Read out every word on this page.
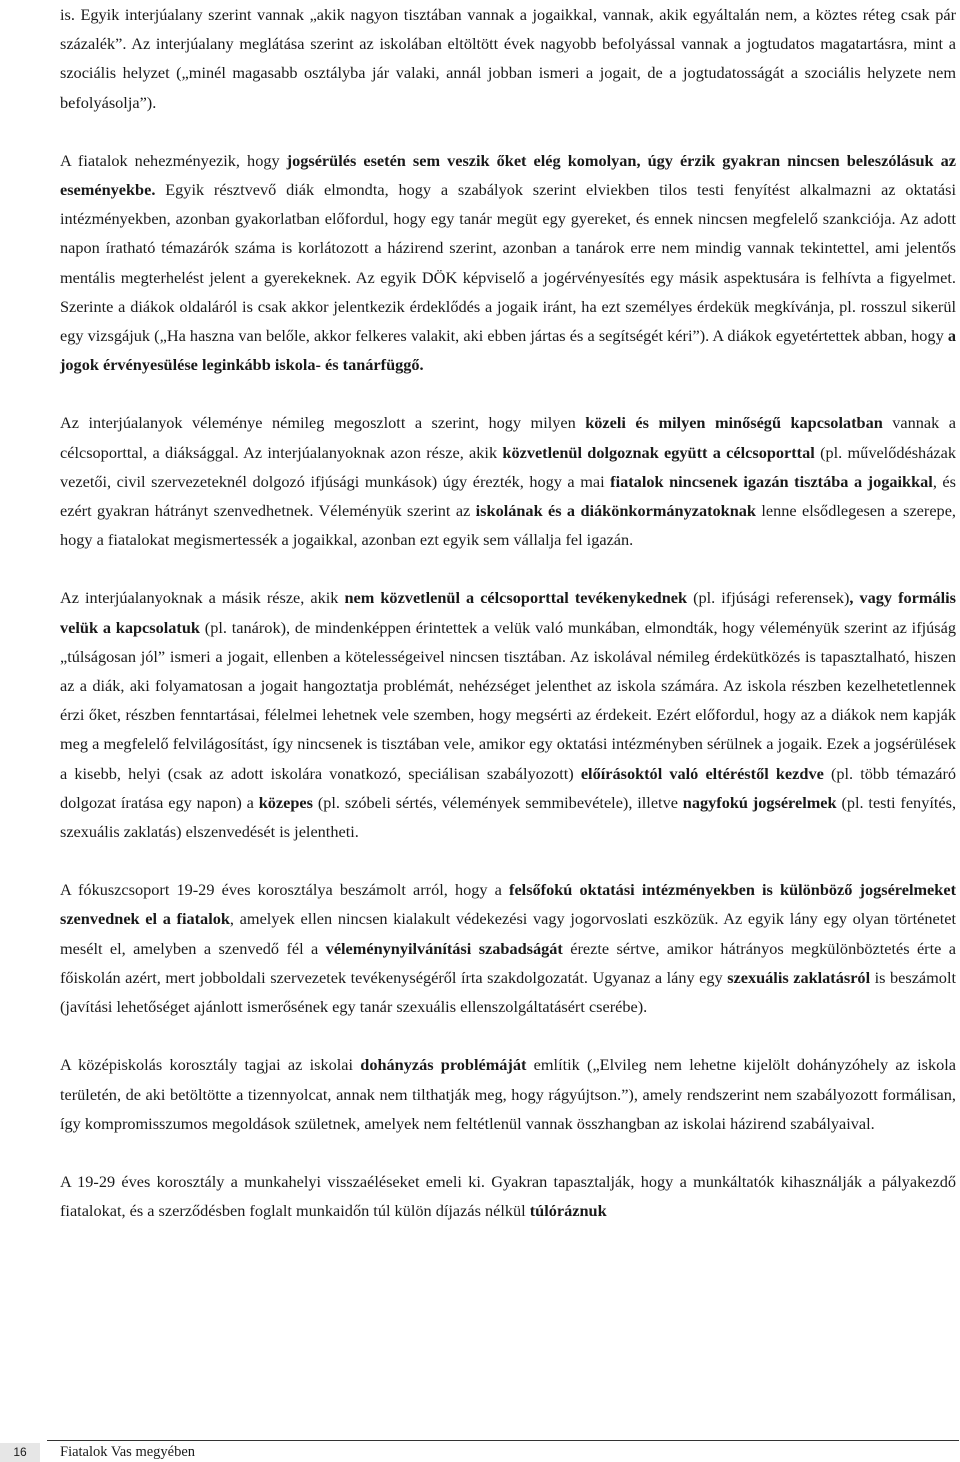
is. Egyik interjúalany szerint vannak „akik nagyon tisztában vannak a jogaikkal, vannak, akik egyáltalán nem, a köztes réteg csak pár százalék”. Az interjúalany meglátása szerint az iskolában eltöltött évek nagyobb befolyással vannak a jogtudatos magatartásra, mint a szociális helyzet („minél magasabb osztályba jár valaki, annál jobban ismeri a jogait, de a jogtudatosságát a szociális helyzete nem befolyásolja”).

A fiatalok nehezményezik, hogy jogsérülés esetén sem veszik őket elég komolyan, úgy érzik gyakran nincsen beleszólásuk az eseményekbe. Egyik résztvevő diák elmondta, hogy a szabályok szerint elviekben tilos testi fenyítést alkalmazni az oktatási intézményekben, azonban gyakorlatban előfordul, hogy egy tanár megüt egy gyereket, és ennek nincsen megfelelő szankciója. Az adott napon íratható témazárók száma is korlátozott a házirend szerint, azonban a tanárok erre nem mindig vannak tekintettel, ami jelentős mentális megterhelést jelent a gyerekeknek. Az egyik DÖK képviselő a jogérvényesítés egy másik aspektusára is felhívta a figyelmet. Szerinte a diákok oldaláról is csak akkor jelentkezik érdeklődés a jogaik iránt, ha ezt személyes érdekük megkívánja, pl. rosszul sikerül egy vizsgájuk („Ha haszna van belőle, akkor felkeres valakit, aki ebben jártas és a segítségét kéri”). A diákok egyetértettek abban, hogy a jogok érvényesülése leginkább iskola- és tanárfüggő.

Az interjúalanyok véleménye némileg megoszlott a szerint, hogy milyen közeli és milyen minőségű kapcsolatban vannak a célcsoporttal, a diáksággal. Az interjúalanyoknak azon része, akik közvetlenül dolgoznak együtt a célcsoporttal (pl. művelődésházak vezetői, civil szervezeteknél dolgozó ifjúsági munkások) úgy érezték, hogy a mai fiatalok nincsenek igazán tisztába a jogaikkal, és ezért gyakran hátrányt szenvedhetnek. Véleményük szerint az iskolának és a diákönkormányzatoknak lenne elsődlegesen a szerepe, hogy a fiatalokat megismertessék a jogaikkal, azonban ezt egyik sem vállalja fel igazán.

Az interjúalanyoknak a másik része, akik nem közvetlenül a célcsoporttal tevékenykednek (pl. ifjúsági referensek), vagy formális velük a kapcsolatuk (pl. tanárok), de mindenképpen érintettek a velük való munkában, elmondták, hogy véleményük szerint az ifjúság „túlságosan jól” ismeri a jogait, ellenben a kötelességeivel nincsen tisztában. Az iskolával némileg érdekütközés is tapasztalható, hiszen az a diák, aki folyamatosan a jogait hangoztatja problémát, nehézséget jelenthet az iskola számára. Az iskola részben kezelhetetlennek érzi őket, részben fenntartásai, félelmei lehetnek vele szemben, hogy megsérti az érdekeit. Ezért előfordul, hogy az a diákok nem kapják meg a megfelelő felvilágosítást, így nincsenek is tisztában vele, amikor egy oktatási intézményben sérülnek a jogaik. Ezek a jogsérülések a kisebb, helyi (csak az adott iskolára vonatkozó, speciálisan szabályozott) előírásoktól való eltéréstől kezdve (pl. több témazáró dolgozat íratása egy napon) a közepes (pl. szóbeli sértés, vélemények semmibevétele), illetve nagyfokú jogsérelmek (pl. testi fenyítés, szexuális zaklatás) elszenvedését is jelentheti.

A fókuszcsoport 19-29 éves korosztálya beszámolt arról, hogy a felsőfokú oktatási intézményekben is különböző jogsérelmeket szenvednek el a fiatalok, amelyek ellen nincsen kialakult védekezési vagy jogorvoslati eszközük. Az egyik lány egy olyan történetet mesélt el, amelyben a szenvedő fél a véleménynyilvánítási szabadságát érezte sértve, amikor hátrányos megkülönböztetés érte a főiskolán azért, mert jobboldali szervezetek tevékenységéről írta szakdolgozatát. Ugyanaz a lány egy szexuális zaklatásról is beszámolt (javítási lehetőséget ajánlott ismerősének egy tanár szexuális ellenszolgáltatásért cserébe).

A középiskolás korosztály tagjai az iskolai dohányzás problémáját említik („Elvileg nem lehetne kijelölt dohányzóhely az iskola területén, de aki betöltötte a tizennyolcat, annak nem tilthatják meg, hogy rágyújtson.”), amely rendszerint nem szabályozott formálisan, így kompromisszumos megoldások születnek, amelyek nem feltétlenül vannak összhangban az iskolai házirend szabályaival.

A 19-29 éves korosztály a munkahelyi visszaéléseket emeli ki. Gyakran tapasztalják, hogy a munkáltatók kihasználják a pályakezdő fiatalokat, és a szerződésben foglalt munkaidőn túl külön díjazás nélkül túlóráznuk

16	Fiatalok Vas megyében
